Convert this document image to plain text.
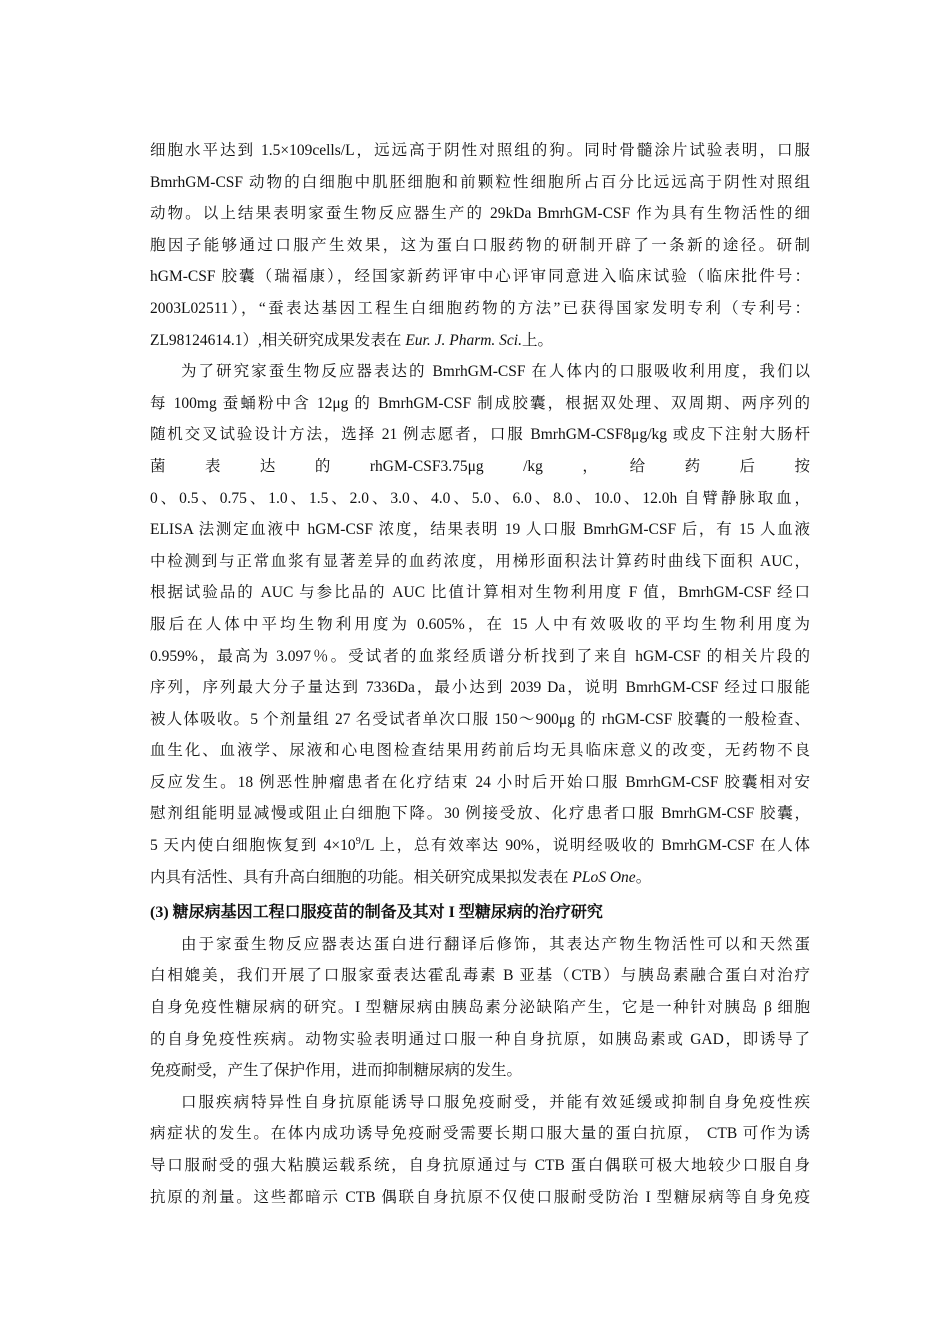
细胞水平达到 1.5×109cells/L，远远高于阴性对照组的狗。同时骨髓涂片试验表明，口服
BmrhGM-CSF 动物的白细胞中肌胚细胞和前颗粒性细胞所占百分比远远高于阴性对照组
动物。以上结果表明家蚕生物反应器生产的 29kDa BmrhGM-CSF 作为具有生物活性的细
胞因子能够通过口服产生效果，这为蛋白口服药物的研制开辟了一条新的途径。研制
hGM-CSF 胶囊（瑞福康），经国家新药评审中心评审同意进入临床试验（临床批件号：
2003L02511），“蚕表达基因工程生白细胞药物的方法”已获得国家发明专利（专利号：
ZL98124614.1）,相关研究成果发表在 Eur. J. Pharm. Sci.上。
为了研究家蚕生物反应器表达的 BmrhGM-CSF 在人体内的口服吸收利用度，我们以
每 100mg 蚕蛹粉中含 12μg 的 BmrhGM-CSF 制成胶囊，根据双处理、双周期、两序列的
随机交叉试验设计方法，选择 21 例志愿者，口服 BmrhGM-CSF8μg/kg 或皮下注射大肠杆
菌　　表　　达　　的　　rhGM-CSF3.75μg　　/kg　　，　　给　　药　　后　　按
0、0.5、0.75、1.0、1.5、2.0、3.0、4.0、5.0、6.0、8.0、10.0、12.0h 自臂静脉取血，
ELISA 法测定血液中 hGM-CSF 浓度，结果表明 19 人口服 BmrhGM-CSF 后，有 15 人血液
中检测到与正常血浆有显著差异的血药浓度，用梯形面积法计算药时曲线下面积 AUC，
根据试验品的 AUC 与参比品的 AUC 比值计算相对生物利用度 F 值，BmrhGM-CSF 经口
服后在人体中平均生物利用度为 0.605%，在 15 人中有效吸收的平均生物利用度为
0.959%，最高为 3.097％。受试者的血浆经质谱分析找到了来自 hGM-CSF 的相关片段的
序列，序列最大分子量达到 7336Da，最小达到 2039 Da，说明 BmrhGM-CSF 经过口服能
被人体吸收。5 个剂量组 27 名受试者单次口服 150～900μg 的 rhGM-CSF 胶囊的一般检查、
血生化、血液学、尿液和心电图检查结果用药前后均无具临床意义的改变，无药物不良
反应发生。18 例恶性肿瘤患者在化疗结束 24 小时后开始口服 BmrhGM-CSF 胶囊相对安
慰剂组能明显减慢或阻止白细胞下降。30 例接受放、化疗患者口服 BmrhGM-CSF 胶囊，
5 天内使白细胞恢复到 $4\times 10^9/L$ 上，总有效率达 90%，说明经吸收的 BmrhGM-CSF 在人体
内具有活性、具有升高白细胞的功能。相关研究成果拟发表在 PLoS One。
(3) 糖尿病基因工程口服疫苗的制备及其对 I 型糖尿病的治疗研究
由于家蚕生物反应器表达蛋白进行翻译后修饰，其表达产物生物活性可以和天然蛋
白相媲美，我们开展了口服家蚕表达霍乱毒素 B 亚基（CTB）与胰岛素融合蛋白对治疗
自身免疫性糖尿病的研究。I 型糖尿病由胰岛素分泌缺陷产生，它是一种针对胰岛 β 细胞
的自身免疫性疾病。动物实验表明通过口服一种自身抗原，如胰岛素或 GAD，即诱导了
免疫耐受，产生了保护作用，进而抑制糖尿病的发生。
口服疾病特异性自身抗原能诱导口服免疫耐受，并能有效延缓或抑制自身免疫性疾
病症状的发生。在体内成功诱导免疫耐受需要长期口服大量的蛋白抗原， CTB 可作为诱
导口服耐受的强大粘膜运载系统，自身抗原通过与 CTB 蛋白偶联可极大地较少口服自身
抗原的剂量。这些都暗示 CTB 偶联自身抗原不仅使口服耐受防治 I 型糖尿病等自身免疫
